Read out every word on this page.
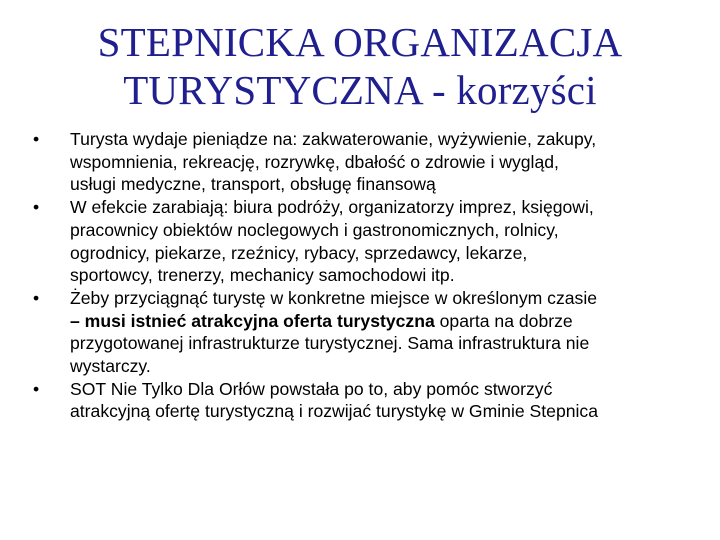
STEPNICKA ORGANIZACJA
TURYSTYCZNA - korzyści
•	Turysta wydaje pieniądze na: zakwaterowanie, wyżywienie, zakupy,
wspomnienia, rekreację, rozrywkę, dbałość o zdrowie i wygląd,
usługi medyczne, transport, obsługę finansową
•	W efekcie zarabiają: biura podróży, organizatorzy imprez, księgowi,
pracownicy obiektów noclegowych i gastronomicznych, rolnicy,
ogrodnicy, piekarze, rzeźnicy, rybacy, sprzedawcy, lekarze,
sportowcy, trenerzy, mechanicy samochodowi itp.
•	Żeby przyciągnąć turystę w konkretne miejsce w określonym czasie
– musi istnieć atrakcyjna oferta turystyczna oparta na dobrze
przygotowanej infrastrukturze turystycznej. Sama infrastruktura nie
wystarczy.
•	SOT Nie Tylko Dla Orłów powstała po to, aby pomóc stworzyć
atrakcyjną ofertę turystyczną i rozwijać turystykę w Gminie Stepnica
